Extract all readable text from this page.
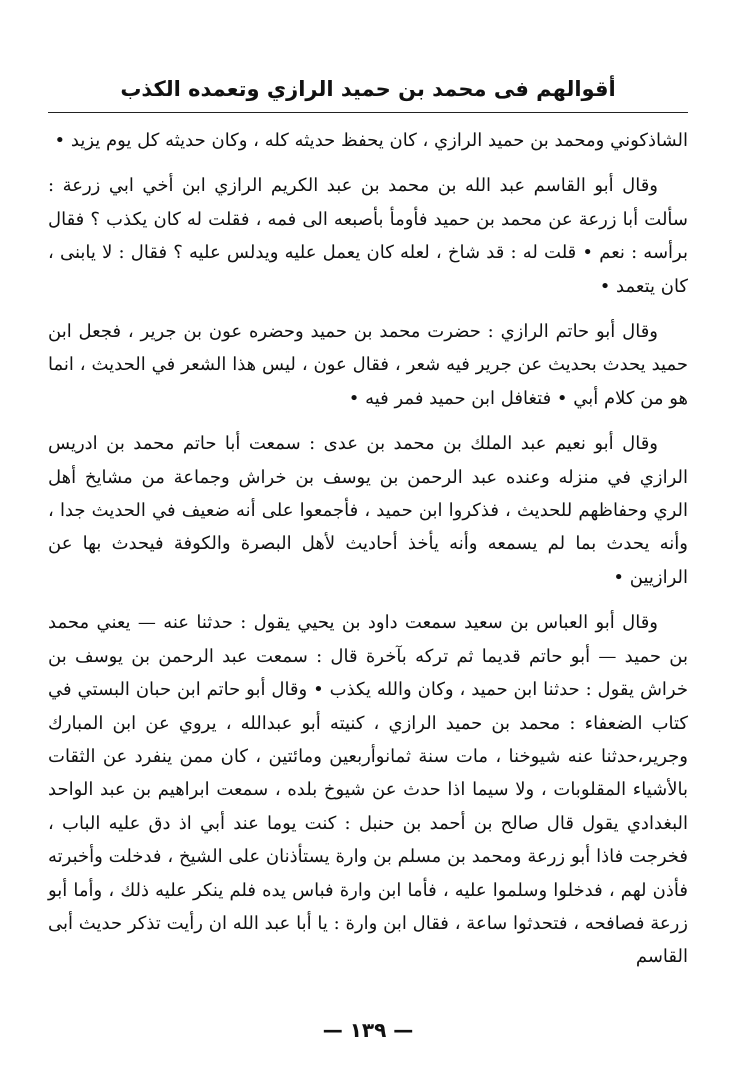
أقوالهم فى محمد بن حميد الرازي وتعمده الكذب

الشاذكوني ومحمد بن حميد الرازي ، كان يحفظ حديثه كله ، وكان حديثه كل يوم يزيد •

وقال أبو القاسم عبد الله بن محمد بن عبد الكريم الرازي ابن أخي ابي زرعة : سألت أبا زرعة عن محمد بن حميد فأومأ بأصبعه الى فمه ، فقلت له كان يكذب ؟ فقال برأسه : نعم • قلت له : قد شاخ ، لعله كان يعمل عليه ويدلس عليه ؟ فقال : لا يابنى ، كان يتعمد •

وقال أبو حاتم الرازي : حضرت محمد بن حميد وحضره عون بن جرير ، فجعل ابن حميد يحدث بحديث عن جرير فيه شعر ، فقال عون ، ليس هذا الشعر في الحديث ، انما هو من كلام أبي • فتغافل ابن حميد فمر فيه •

وقال أبو نعيم عبد الملك بن محمد بن عدى : سمعت أبا حاتم محمد بن ادريس الرازي في منزله وعنده عبد الرحمن بن يوسف بن خراش وجماعة من مشايخ أهل الري وحفاظهم للحديث ، فذكروا ابن حميد ، فأجمعوا على أنه ضعيف في الحديث جدا ، وأنه يحدث بما لم يسمعه وأنه يأخذ أحاديث لأهل البصرة والكوفة فيحدث بها عن الرازيين •

وقال أبو العباس بن سعيد سمعت داود بن يحيي يقول : حدثنا عنه — يعني محمد بن حميد — أبو حاتم قديما ثم تركه بآخرة قال : سمعت عبد الرحمن بن يوسف بن خراش يقول : حدثنا ابن حميد ، وكان والله يكذب • وقال أبو حاتم ابن حبان البستي في كتاب الضعفاء : محمد بن حميد الرازي ، كنيته أبو عبدالله ، يروي عن ابن المبارك وجرير،حدثنا عنه شيوخنا ، مات سنة ثمانوأربعين ومائتين ، كان ممن ينفرد عن الثقات بالأشياء المقلوبات ، ولا سيما اذا حدث عن شيوخ بلده ، سمعت ابراهيم بن عبد الواحد البغدادي يقول قال صالح بن أحمد بن حنبل : كنت يوما عند أبي اذ دق عليه الباب ، فخرجت فاذا أبو زرعة ومحمد بن مسلم بن وارة يستأذنان على الشيخ ، فدخلت وأخبرته فأذن لهم ، فدخلوا وسلموا عليه ، فأما ابن وارة فباس يده فلم ينكر عليه ذلك ، وأما أبو زرعة فصافحه ، فتحدثوا ساعة ، فقال ابن وارة : يا أبا عبد الله ان رأيت تذكر حديث أبى القاسم

— ١٣٩ —
